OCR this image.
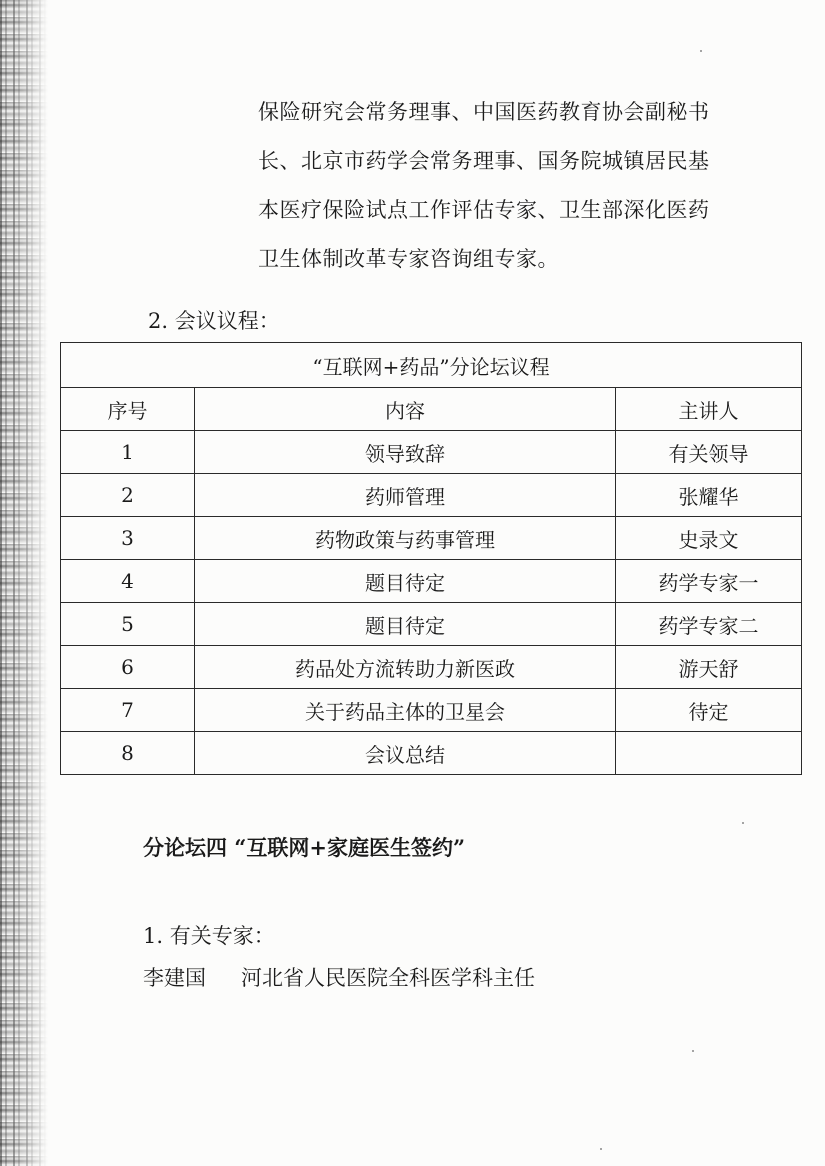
保险研究会常务理事、中国医药教育协会副秘书
长、北京市药学会常务理事、国务院城镇居民基
本医疗保险试点工作评估专家、卫生部深化医药
卫生体制改革专家咨询组专家。
2. 会议议程：
“互联网+药品”分论坛议程		
序号	内容	主讲人
1	领导致辞	有关领导
2	药师管理	张耀华
3	药物政策与药事管理	史录文
4	题目待定	药学专家一
5	题目待定	药学专家二
6	药品处方流转助力新医政	游天舒
7	关于药品主体的卫星会	待定
8	会议总结	
分论坛四 “互联网+家庭医生签约”
1. 有关专家：
李建国 河北省人民医院全科医学科主任
